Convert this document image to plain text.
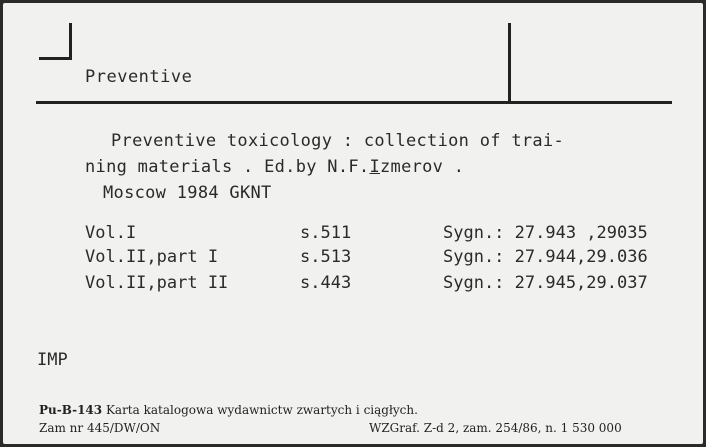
Preventive
Preventive toxicology : collection of trai-
ning materials . Ed.by N.F.Izmerov .
Moscow 1984 GKNT
Vol.I	s.511	Sygn.: 27.943 ,29035
Vol.II,part I	s.513	Sygn.: 27.944,29.036
Vol.II,part II	s.443	Sygn.: 27.945,29.037
IMP
Pu-B-143 Karta katalogowa wydawnictw zwartych i ciągłych.
Zam nr 445/DW/ON	WZGraf. Z-d 2, zam. 254/86, n. 1 530 000
